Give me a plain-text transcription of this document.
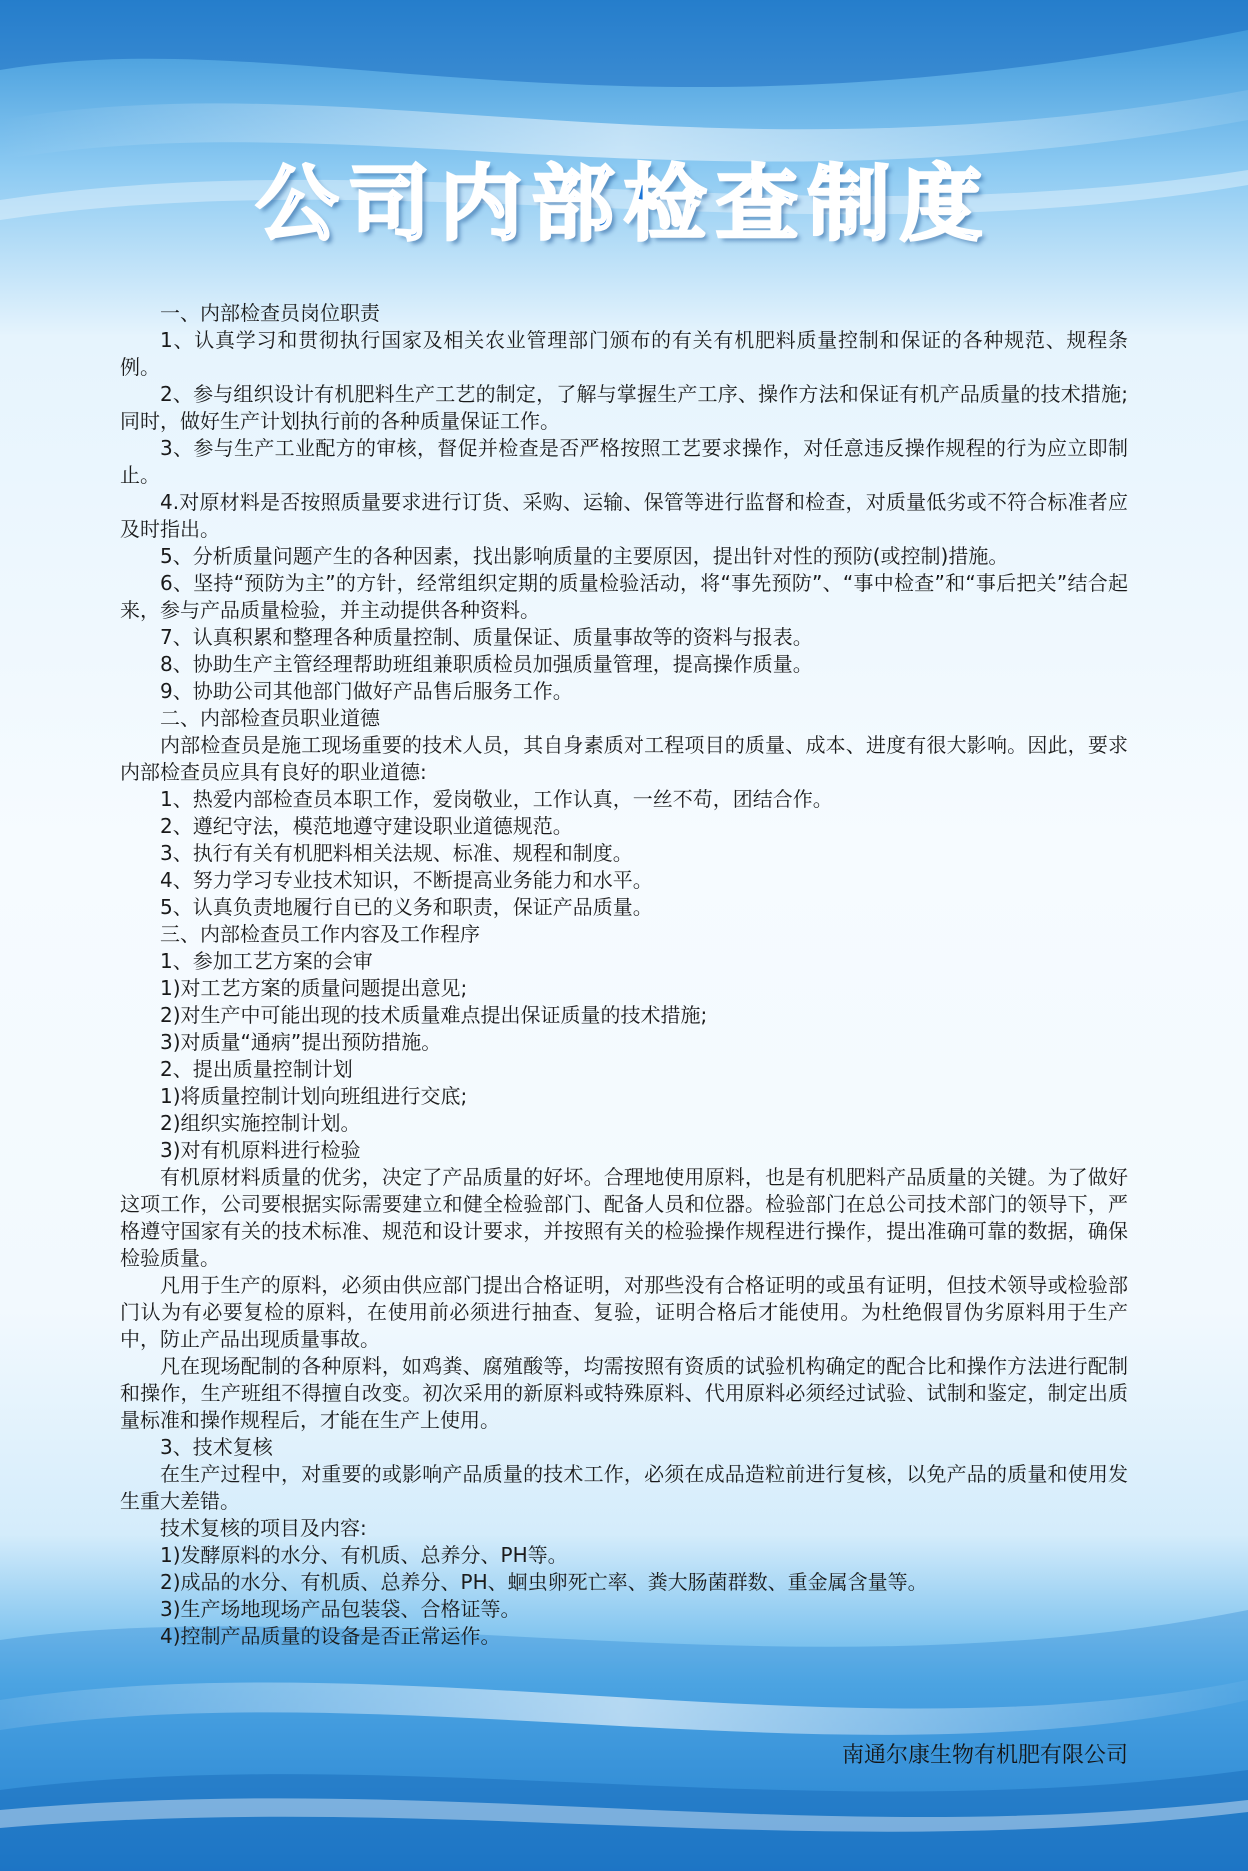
公司内部检查制度

一、内部检查员岗位职责

1、认真学习和贯彻执行国家及相关农业管理部门颁布的有关有机肥料质量控制和保证的各种规范、规程条例。

2、参与组织设计有机肥料生产工艺的制定，了解与掌握生产工序、操作方法和保证有机产品质量的技术措施;同时，做好生产计划执行前的各种质量保证工作。

3、参与生产工业配方的审核，督促并检查是否严格按照工艺要求操作，对任意违反操作规程的行为应立即制止。

4.对原材料是否按照质量要求进行订货、采购、运输、保管等进行监督和检查，对质量低劣或不符合标准者应及时指出。

5、分析质量问题产生的各种因素，找出影响质量的主要原因，提出针对性的预防(或控制)措施。

6、坚持“预防为主”的方针，经常组织定期的质量检验活动，将“事先预防”、“事中检查”和“事后把关”结合起来，参与产品质量检验，并主动提供各种资料。

7、认真积累和整理各种质量控制、质量保证、质量事故等的资料与报表。

8、协助生产主管经理帮助班组兼职质检员加强质量管理，提高操作质量。

9、协助公司其他部门做好产品售后服务工作。

二、内部检查员职业道德

内部检查员是施工现场重要的技术人员，其自身素质对工程项目的质量、成本、进度有很大影响。因此，要求内部检查员应具有良好的职业道德:

1、热爱内部检查员本职工作，爱岗敬业，工作认真，一丝不苟，团结合作。

2、遵纪守法，模范地遵守建设职业道德规范。

3、执行有关有机肥料相关法规、标准、规程和制度。

4、努力学习专业技术知识，不断提高业务能力和水平。

5、认真负责地履行自已的义务和职责，保证产品质量。

三、内部检查员工作内容及工作程序

1、参加工艺方案的会审

1)对工艺方案的质量问题提出意见;

2)对生产中可能出现的技术质量难点提出保证质量的技术措施;

3)对质量“通病”提出预防措施。

2、提出质量控制计划

1)将质量控制计划向班组进行交底;

2)组织实施控制计划。

3)对有机原料进行检验

有机原材料质量的优劣，决定了产品质量的好坏。合理地使用原料，也是有机肥料产品质量的关键。为了做好这项工作，公司要根据实际需要建立和健全检验部门、配备人员和位器。检验部门在总公司技术部门的领导下，严格遵守国家有关的技术标准、规范和设计要求，并按照有关的检验操作规程进行操作，提出准确可靠的数据，确保检验质量。

凡用于生产的原料，必须由供应部门提出合格证明，对那些没有合格证明的或虽有证明，但技术领导或检验部门认为有必要复检的原料，在使用前必须进行抽查、复验，证明合格后才能使用。为杜绝假冒伪劣原料用于生产中，防止产品出现质量事故。

凡在现场配制的各种原料，如鸡粪、腐殖酸等，均需按照有资质的试验机构确定的配合比和操作方法进行配制和操作，生产班组不得擅自改变。初次采用的新原料或特殊原料、代用原料必须经过试验、试制和鉴定，制定出质量标准和操作规程后，才能在生产上使用。

3、技术复核

在生产过程中，对重要的或影响产品质量的技术工作，必须在成品造粒前进行复核，以免产品的质量和使用发生重大差错。

技术复核的项目及内容:

1)发酵原料的水分、有机质、总养分、PH等。

2)成品的水分、有机质、总养分、PH、蛔虫卵死亡率、粪大肠菌群数、重金属含量等。

3)生产场地现场产品包装袋、合格证等。

4)控制产品质量的设备是否正常运作。

南通尔康生物有机肥有限公司
